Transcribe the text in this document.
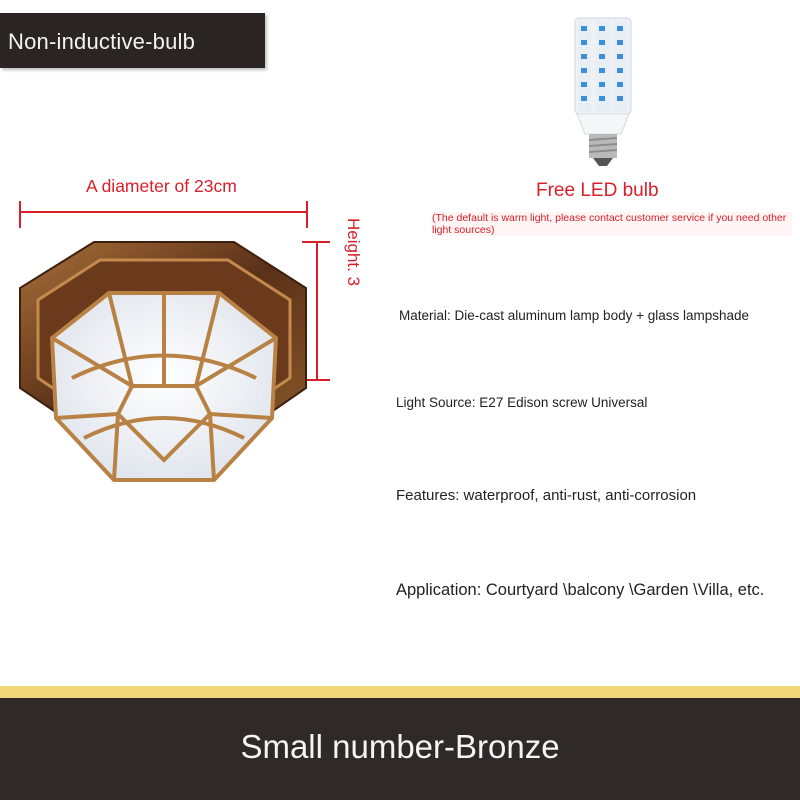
Non-inductive-bulb
Free LED bulb
(The default is warm light, please contact customer service if you need other light sources)
A diameter of 23cm
Height. 3
Material: Die-cast aluminum lamp body + glass lampshade
Light Source: E27 Edison screw Universal
Features: waterproof, anti-rust, anti-corrosion
Application: Courtyard \balcony \Garden \Villa, etc.
Small number-Bronze
